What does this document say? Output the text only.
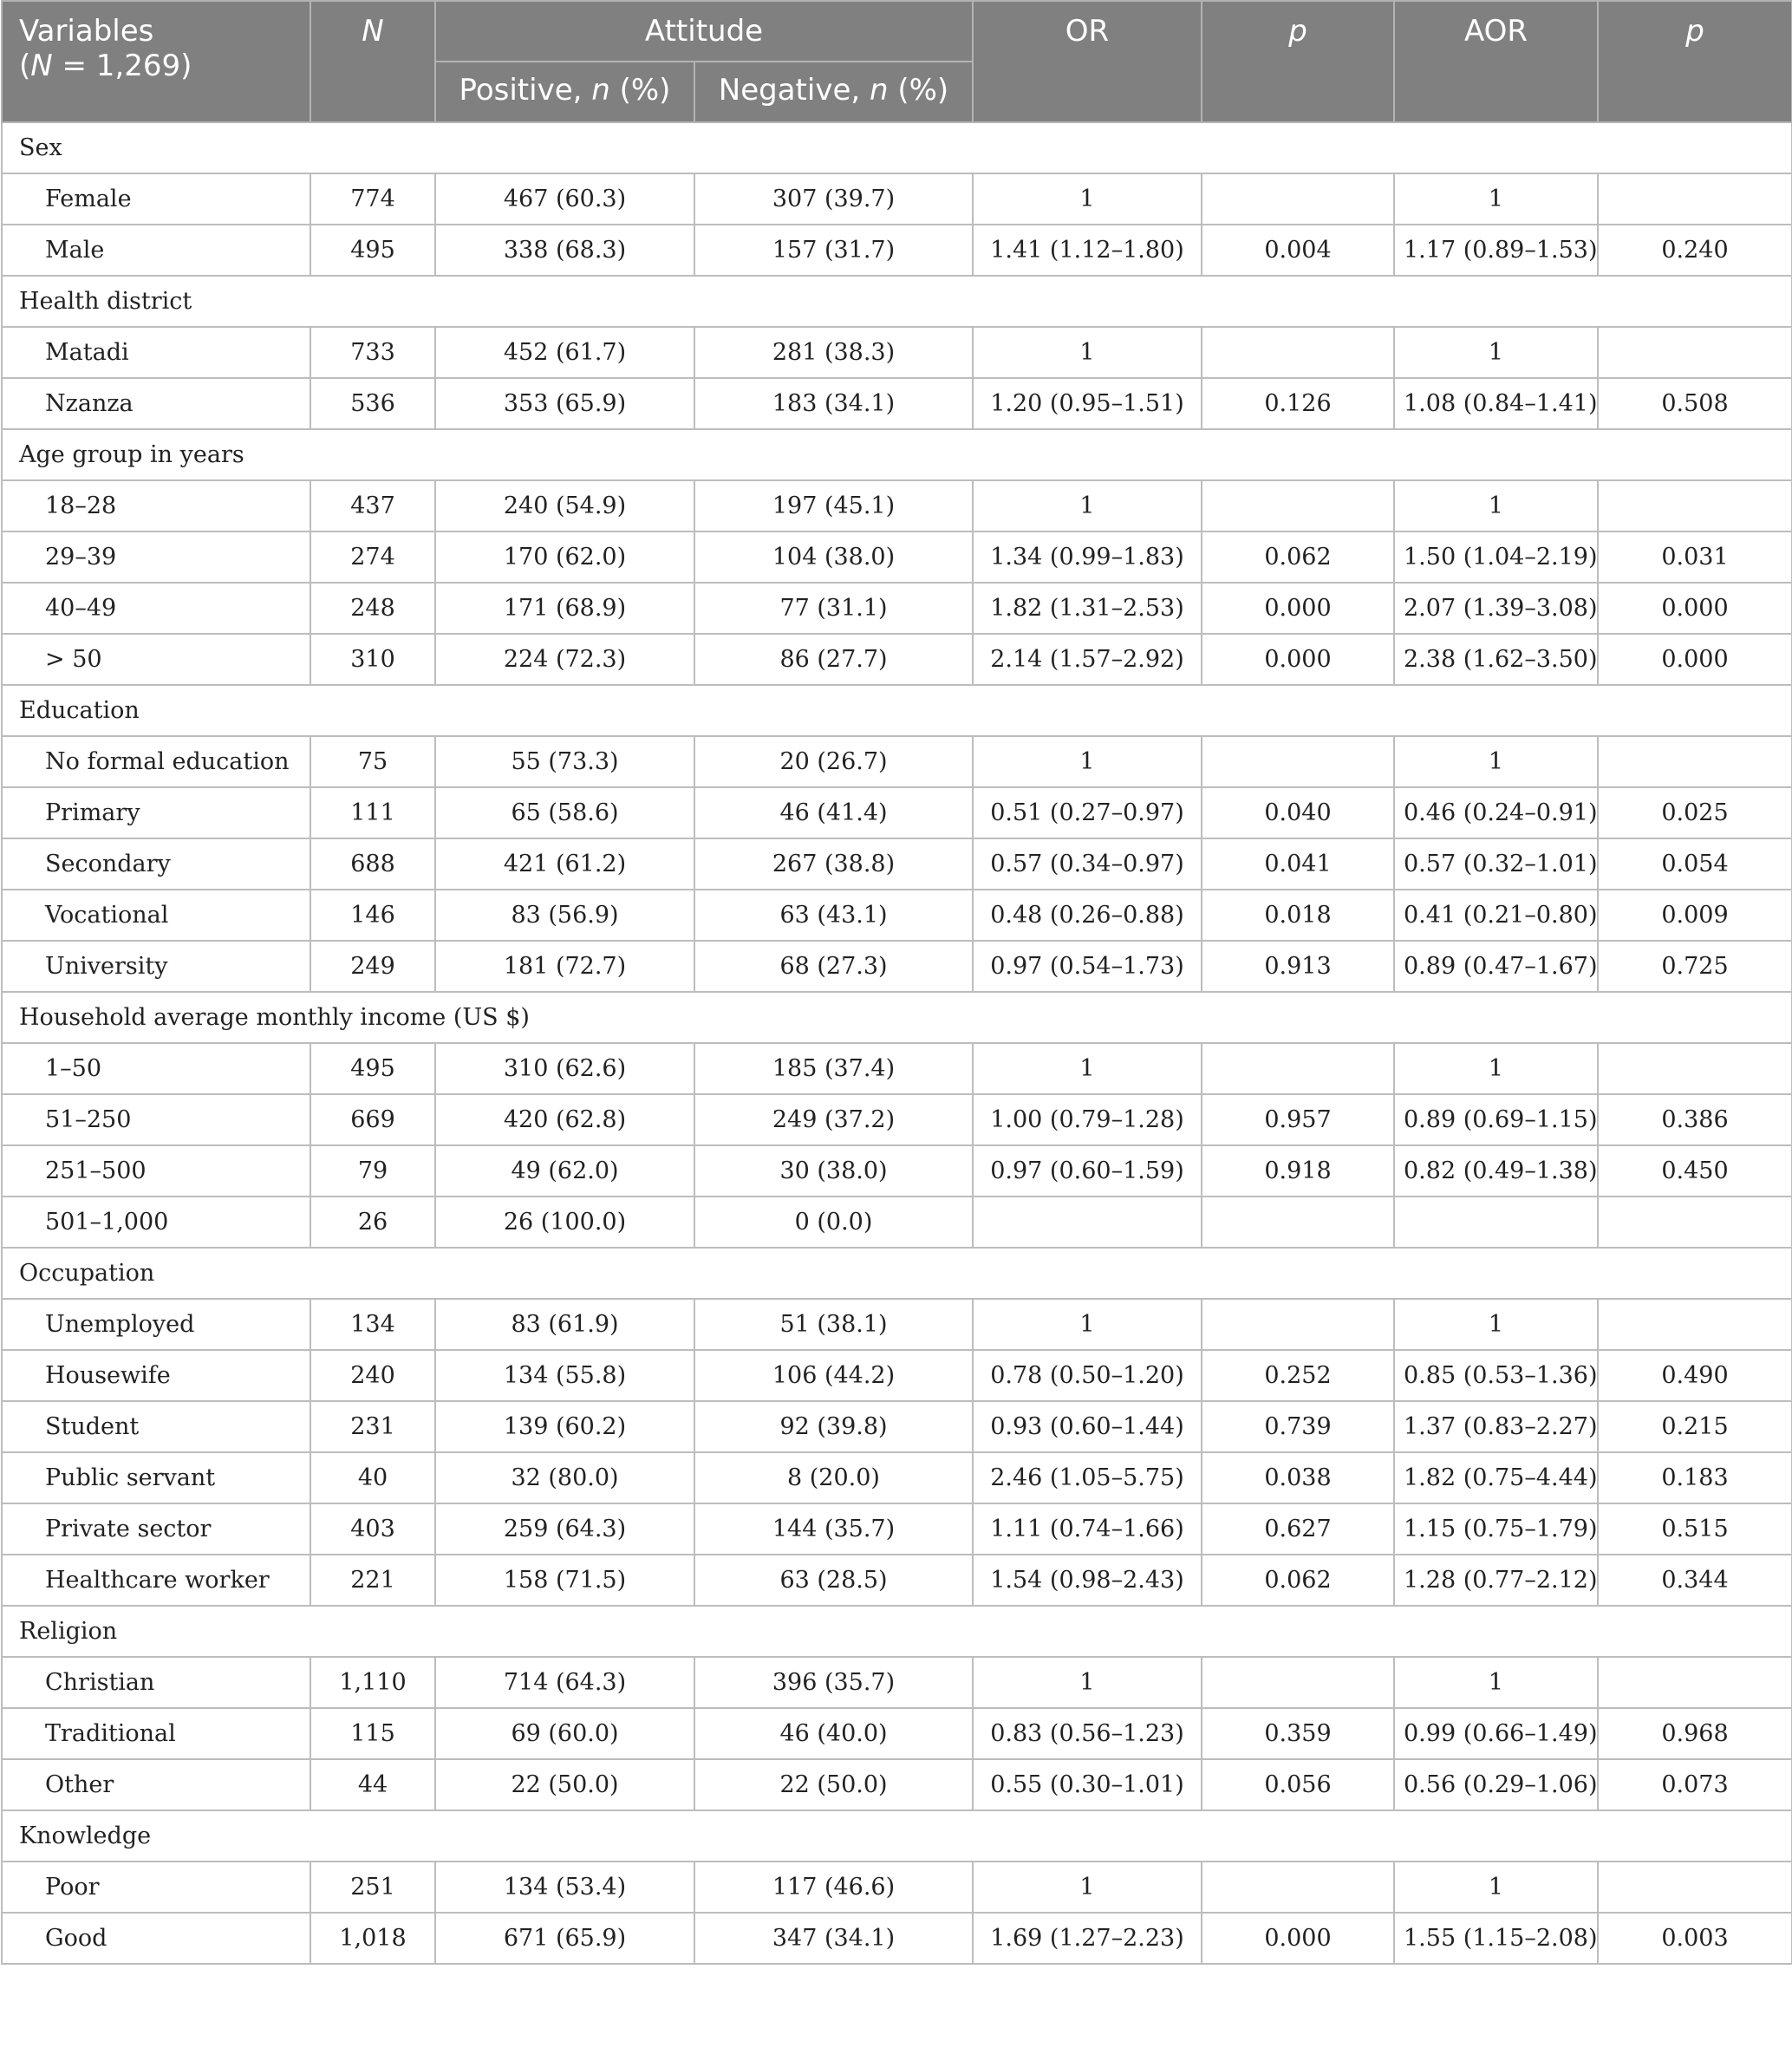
Variables
(N = 1,269)	N	Attitude		OR	p	AOR	p
		Positive, n (%)	Negative, n (%)				
Sex							
Female	774	467 (60.3)	307 (39.7)	1		1	
Male	495	338 (68.3)	157 (31.7)	1.41 (1.12–1.80)	0.004	1.17 (0.89–1.53)	0.240
Health district							
Matadi	733	452 (61.7)	281 (38.3)	1		1	
Nzanza	536	353 (65.9)	183 (34.1)	1.20 (0.95–1.51)	0.126	1.08 (0.84–1.41)	0.508
Age group in years							
18–28	437	240 (54.9)	197 (45.1)	1		1	
29–39	274	170 (62.0)	104 (38.0)	1.34 (0.99–1.83)	0.062	1.50 (1.04–2.19)	0.031
40–49	248	171 (68.9)	77 (31.1)	1.82 (1.31–2.53)	0.000	2.07 (1.39–3.08)	0.000
> 50	310	224 (72.3)	86 (27.7)	2.14 (1.57–2.92)	0.000	2.38 (1.62–3.50)	0.000
Education							
No formal education	75	55 (73.3)	20 (26.7)	1		1	
Primary	111	65 (58.6)	46 (41.4)	0.51 (0.27–0.97)	0.040	0.46 (0.24–0.91)	0.025
Secondary	688	421 (61.2)	267 (38.8)	0.57 (0.34–0.97)	0.041	0.57 (0.32–1.01)	0.054
Vocational	146	83 (56.9)	63 (43.1)	0.48 (0.26–0.88)	0.018	0.41 (0.21–0.80)	0.009
University	249	181 (72.7)	68 (27.3)	0.97 (0.54–1.73)	0.913	0.89 (0.47–1.67)	0.725
Household average monthly income (US $)							
1–50	495	310 (62.6)	185 (37.4)	1		1	
51–250	669	420 (62.8)	249 (37.2)	1.00 (0.79–1.28)	0.957	0.89 (0.69–1.15)	0.386
251–500	79	49 (62.0)	30 (38.0)	0.97 (0.60–1.59)	0.918	0.82 (0.49–1.38)	0.450
501–1,000	26	26 (100.0)	0 (0.0)				
Occupation							
Unemployed	134	83 (61.9)	51 (38.1)	1		1	
Housewife	240	134 (55.8)	106 (44.2)	0.78 (0.50–1.20)	0.252	0.85 (0.53–1.36)	0.490
Student	231	139 (60.2)	92 (39.8)	0.93 (0.60–1.44)	0.739	1.37 (0.83–2.27)	0.215
Public servant	40	32 (80.0)	8 (20.0)	2.46 (1.05–5.75)	0.038	1.82 (0.75–4.44)	0.183
Private sector	403	259 (64.3)	144 (35.7)	1.11 (0.74–1.66)	0.627	1.15 (0.75–1.79)	0.515
Healthcare worker	221	158 (71.5)	63 (28.5)	1.54 (0.98–2.43)	0.062	1.28 (0.77–2.12)	0.344
Religion							
Christian	1,110	714 (64.3)	396 (35.7)	1		1	
Traditional	115	69 (60.0)	46 (40.0)	0.83 (0.56–1.23)	0.359	0.99 (0.66–1.49)	0.968
Other	44	22 (50.0)	22 (50.0)	0.55 (0.30–1.01)	0.056	0.56 (0.29–1.06)	0.073
Knowledge							
Poor	251	134 (53.4)	117 (46.6)	1		1	
Good	1,018	671 (65.9)	347 (34.1)	1.69 (1.27–2.23)	0.000	1.55 (1.15–2.08)	0.003
